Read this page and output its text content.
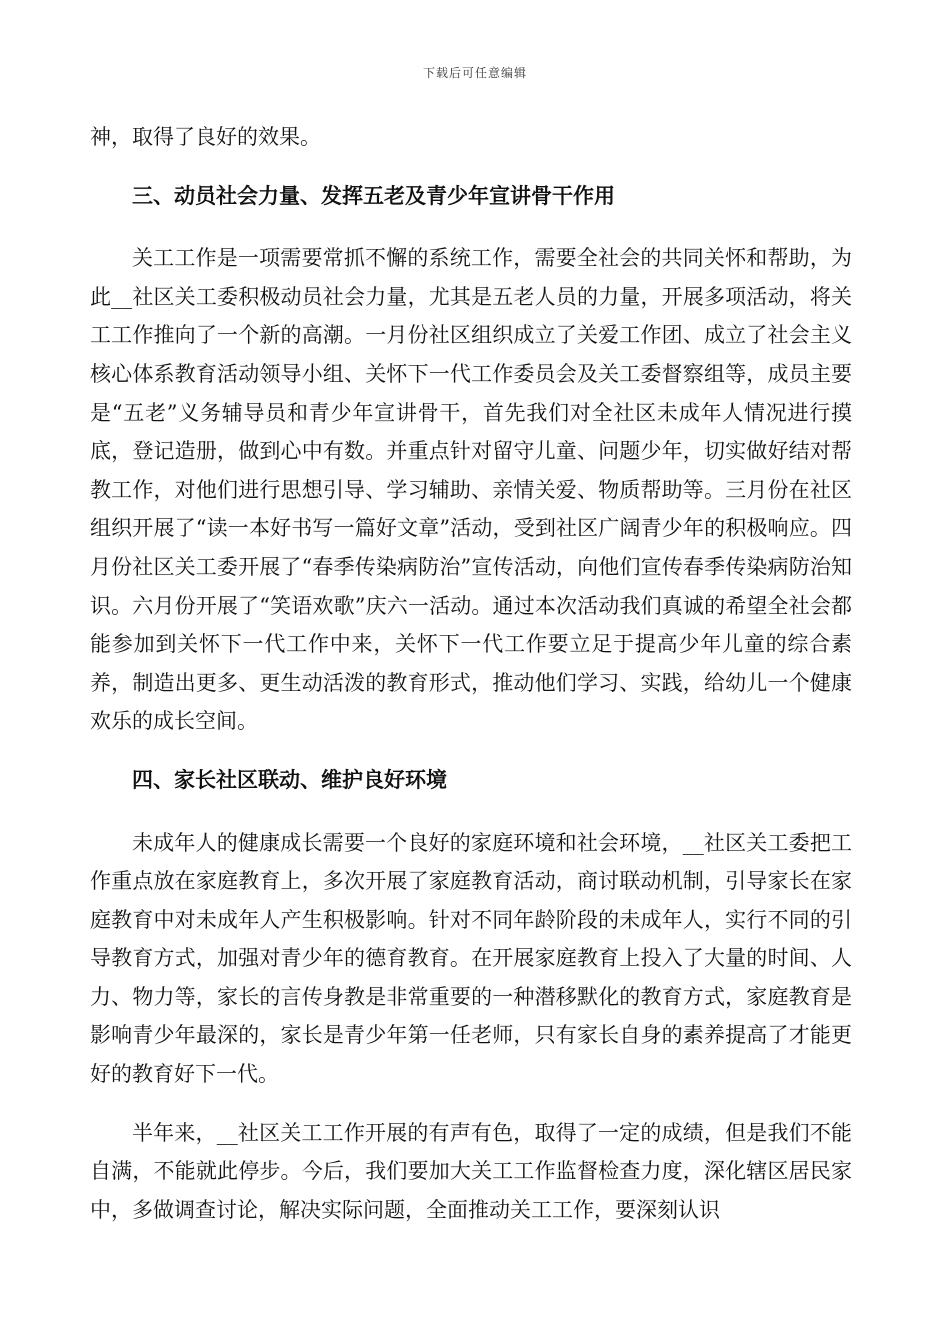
下载后可任意编辑

神，取得了良好的效果。

三、动员社会力量、发挥五老及青少年宣讲骨干作用

关工工作是一项需要常抓不懈的系统工作，需要全社会的共同关怀和帮助，为此__社区关工委积极动员社会力量，尤其是五老人员的力量，开展多项活动，将关工工作推向了一个新的高潮。一月份社区组织成立了关爱工作团、成立了社会主义核心体系教育活动领导小组、关怀下一代工作委员会及关工委督察组等，成员主要是“五老”义务辅导员和青少年宣讲骨干，首先我们对全社区未成年人情况进行摸底，登记造册，做到心中有数。并重点针对留守儿童、问题少年，切实做好结对帮教工作，对他们进行思想引导、学习辅助、亲情关爱、物质帮助等。三月份在社区组织开展了“读一本好书写一篇好文章”活动，受到社区广阔青少年的积极响应。四月份社区关工委开展了“春季传染病防治”宣传活动，向他们宣传春季传染病防治知识。六月份开展了“笑语欢歌”庆六一活动。通过本次活动我们真诚的希望全社会都能参加到关怀下一代工作中来，关怀下一代工作要立足于提高少年儿童的综合素养，制造出更多、更生动活泼的教育形式，推动他们学习、实践，给幼儿一个健康欢乐的成长空间。

四、家长社区联动、维护良好环境

未成年人的健康成长需要一个良好的家庭环境和社会环境，__社区关工委把工作重点放在家庭教育上，多次开展了家庭教育活动，商讨联动机制，引导家长在家庭教育中对未成年人产生积极影响。针对不同年龄阶段的未成年人，实行不同的引导教育方式，加强对青少年的德育教育。在开展家庭教育上投入了大量的时间、人力、物力等，家长的言传身教是非常重要的一种潜移默化的教育方式，家庭教育是影响青少年最深的，家长是青少年第一任老师，只有家长自身的素养提高了才能更好的教育好下一代。

半年来，__社区关工工作开展的有声有色，取得了一定的成绩，但是我们不能自满，不能就此停步。今后，我们要加大关工工作监督检查力度，深化辖区居民家中，多做调查讨论，解决实际问题，全面推动关工工作，要深刻认识
